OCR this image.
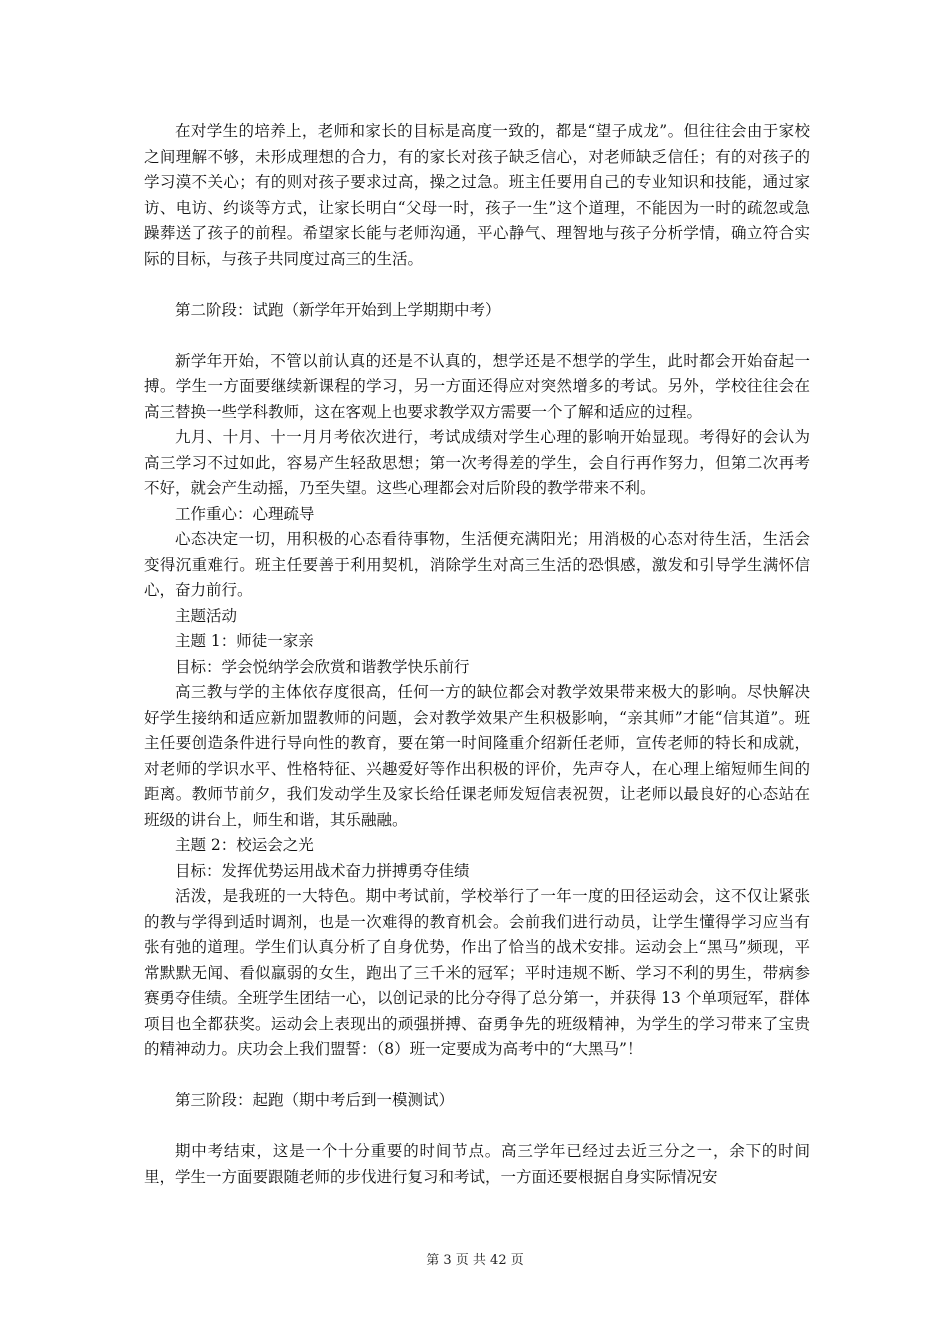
在对学生的培养上，老师和家长的目标是高度一致的，都是“望子成龙”。但往往会由于家校之间理解不够，未形成理想的合力，有的家长对孩子缺乏信心，对老师缺乏信任；有的对孩子的学习漠不关心；有的则对孩子要求过高，操之过急。班主任要用自己的专业知识和技能，通过家访、电访、约谈等方式，让家长明白“父母一时，孩子一生”这个道理，不能因为一时的疏忽或急躁葬送了孩子的前程。希望家长能与老师沟通，平心静气、理智地与孩子分析学情，确立符合实际的目标，与孩子共同度过高三的生活。

第二阶段：试跑（新学年开始到上学期期中考）

新学年开始，不管以前认真的还是不认真的，想学还是不想学的学生，此时都会开始奋起一搏。学生一方面要继续新课程的学习，另一方面还得应对突然增多的考试。另外，学校往往会在高三替换一些学科教师，这在客观上也要求教学双方需要一个了解和适应的过程。

九月、十月、十一月月考依次进行，考试成绩对学生心理的影响开始显现。考得好的会认为高三学习不过如此，容易产生轻敌思想；第一次考得差的学生，会自行再作努力，但第二次再考不好，就会产生动摇，乃至失望。这些心理都会对后阶段的教学带来不利。

工作重心：心理疏导

心态决定一切，用积极的心态看待事物，生活便充满阳光；用消极的心态对待生活，生活会变得沉重难行。班主任要善于利用契机，消除学生对高三生活的恐惧感，激发和引导学生满怀信心，奋力前行。

主题活动

主题 1：师徒一家亲

目标：学会悦纳学会欣赏和谐教学快乐前行

高三教与学的主体依存度很高，任何一方的缺位都会对教学效果带来极大的影响。尽快解决好学生接纳和适应新加盟教师的问题，会对教学效果产生积极影响，“亲其师”才能“信其道”。班主任要创造条件进行导向性的教育，要在第一时间隆重介绍新任老师，宣传老师的特长和成就，对老师的学识水平、性格特征、兴趣爱好等作出积极的评价，先声夺人，在心理上缩短师生间的距离。教师节前夕，我们发动学生及家长给任课老师发短信表祝贺，让老师以最良好的心态站在班级的讲台上，师生和谐，其乐融融。

主题 2：校运会之光

目标：发挥优势运用战术奋力拼搏勇夺佳绩

活泼，是我班的一大特色。期中考试前，学校举行了一年一度的田径运动会，这不仅让紧张的教与学得到适时调剂，也是一次难得的教育机会。会前我们进行动员，让学生懂得学习应当有张有弛的道理。学生们认真分析了自身优势，作出了恰当的战术安排。运动会上“黑马”频现，平常默默无闻、看似羸弱的女生，跑出了三千米的冠军；平时违规不断、学习不利的男生，带病参赛勇夺佳绩。全班学生团结一心，以创记录的比分夺得了总分第一，并获得 13 个单项冠军，群体项目也全都获奖。运动会上表现出的顽强拼搏、奋勇争先的班级精神，为学生的学习带来了宝贵的精神动力。庆功会上我们盟誓：（8）班一定要成为高考中的“大黑马”！

第三阶段：起跑（期中考后到一模测试）

期中考结束，这是一个十分重要的时间节点。高三学年已经过去近三分之一，余下的时间里，学生一方面要跟随老师的步伐进行复习和考试，一方面还要根据自身实际情况安

第 3 页 共 42 页
